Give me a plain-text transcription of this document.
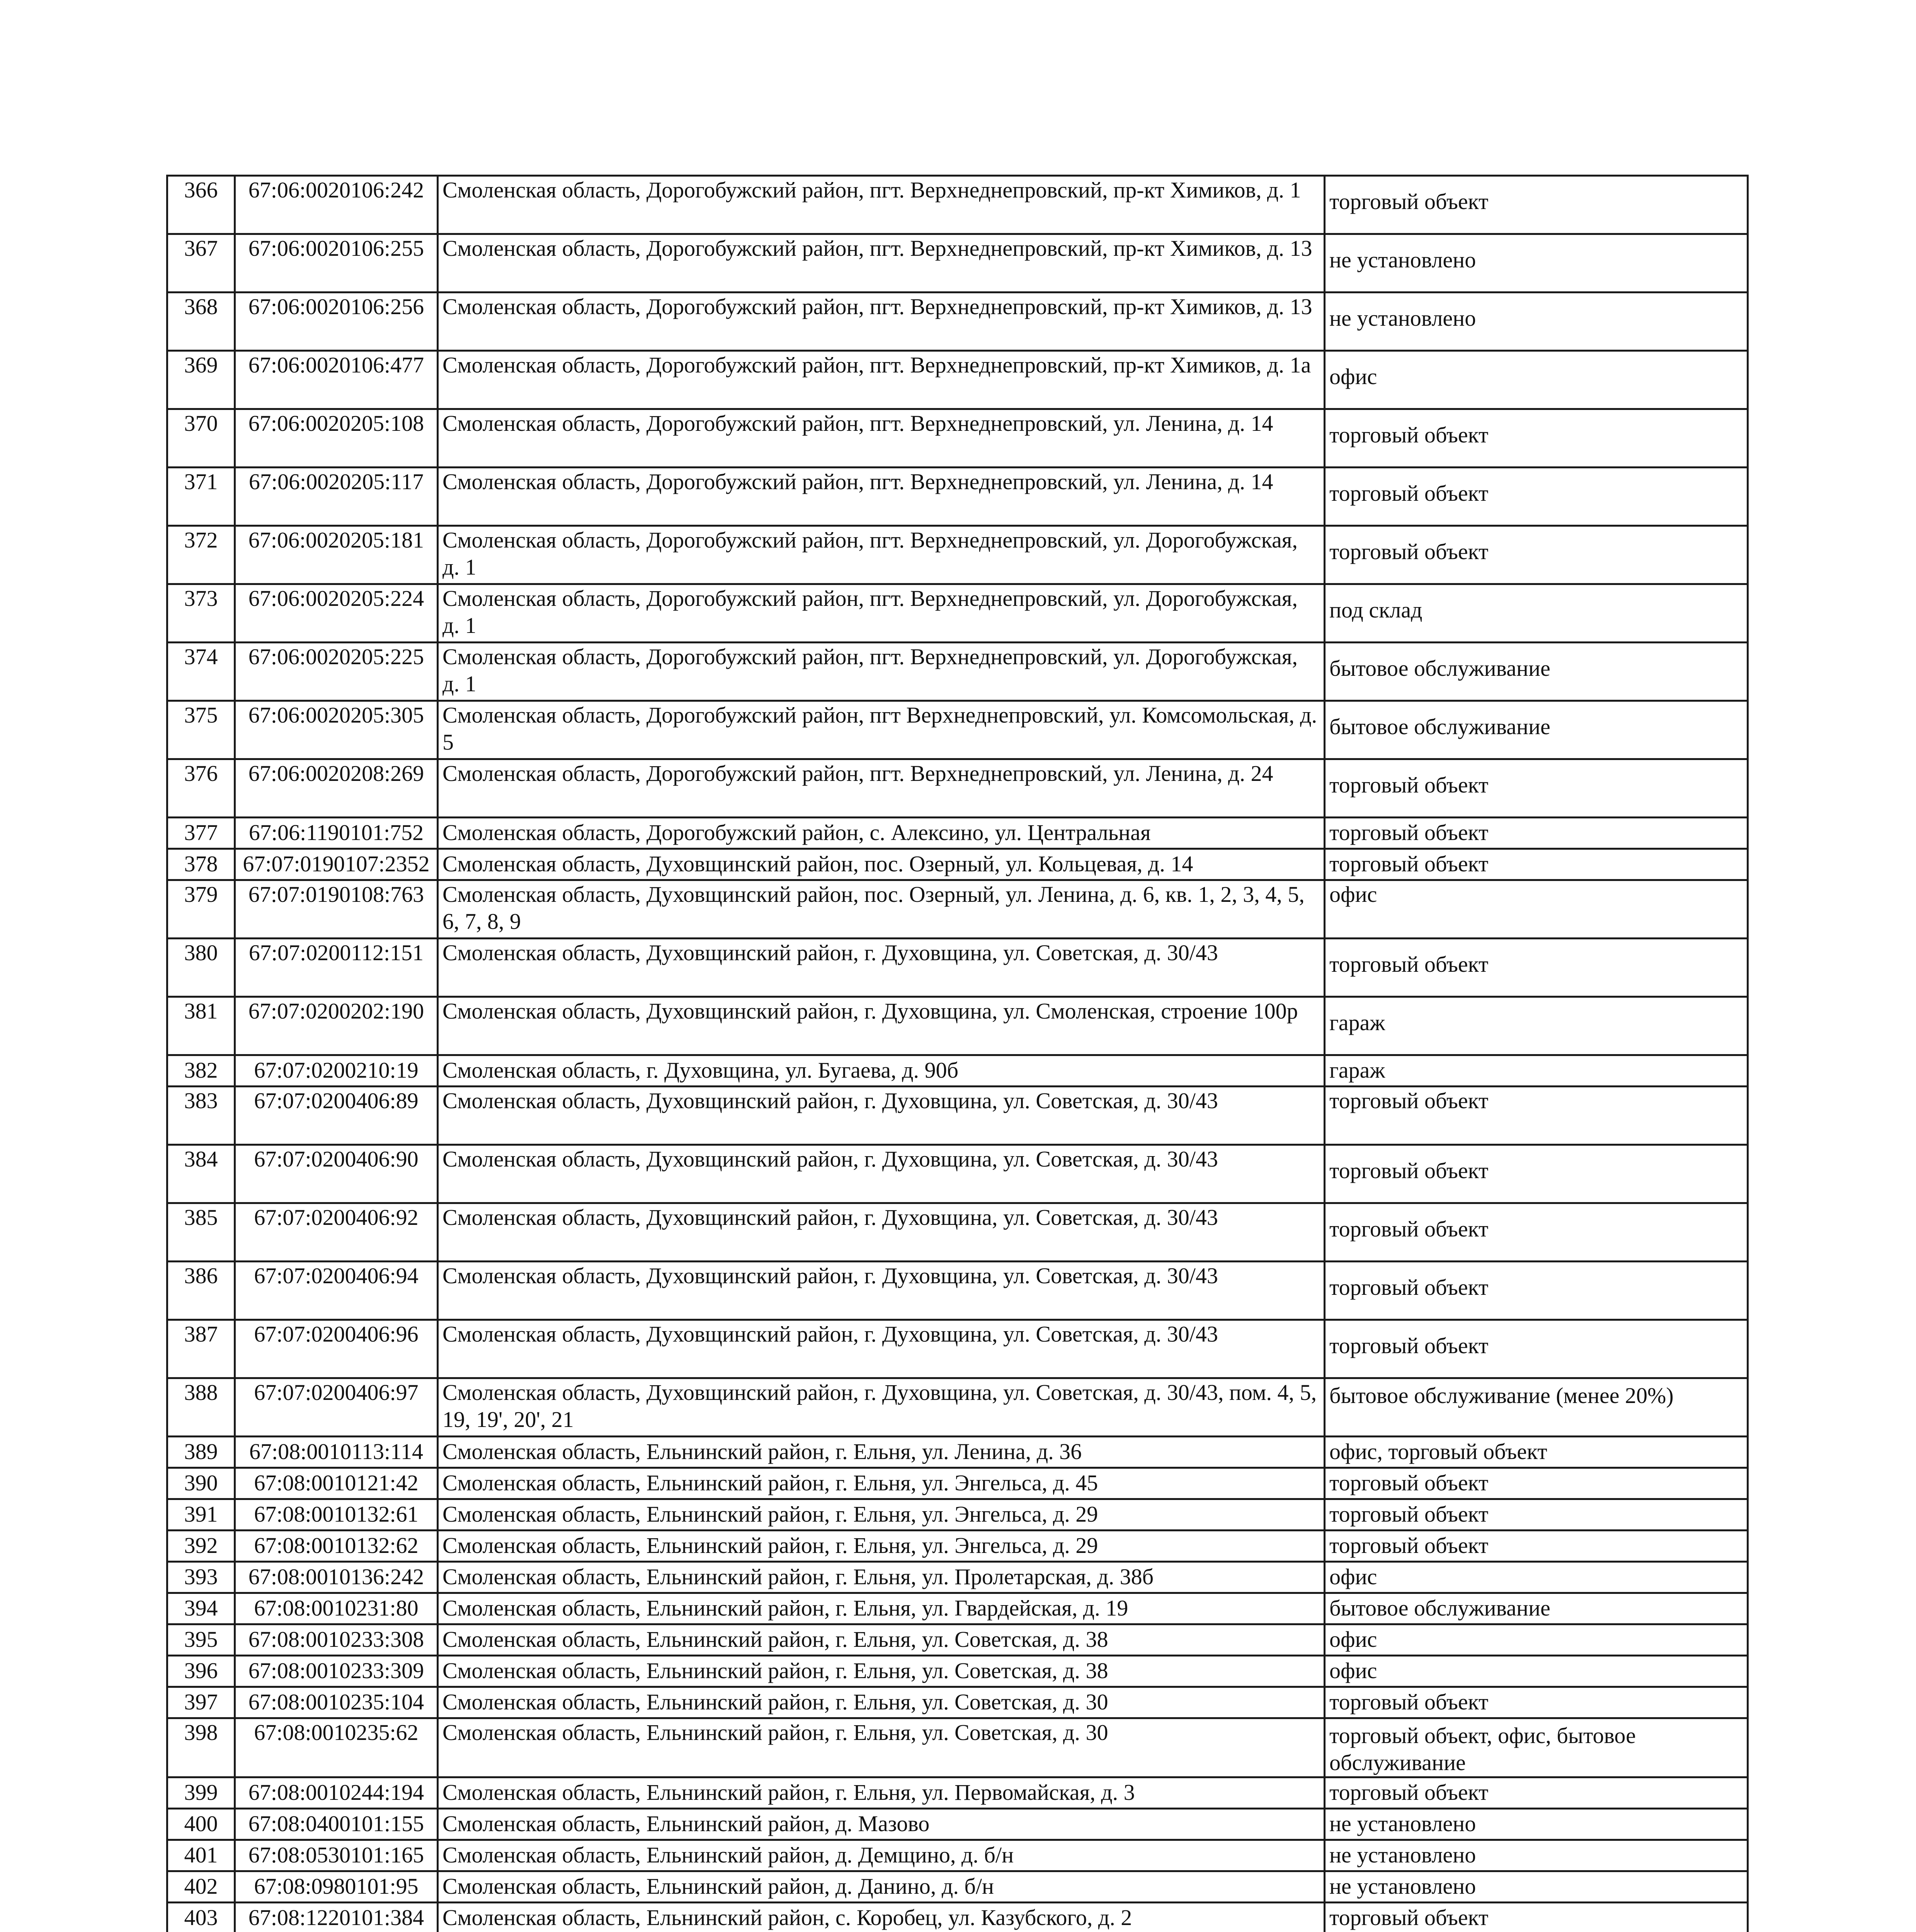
366	67:06:0020106:242	Смоленская область, Дорогобужский район, пгт. Верхнеднепровский, пр-кт Химиков, д. 1	торговый объект
367	67:06:0020106:255	Смоленская область, Дорогобужский район, пгт. Верхнеднепровский, пр-кт Химиков, д. 13	не установлено
368	67:06:0020106:256	Смоленская область, Дорогобужский район, пгт. Верхнеднепровский, пр-кт Химиков, д. 13	не установлено
369	67:06:0020106:477	Смоленская область, Дорогобужский район, пгт. Верхнеднепровский, пр-кт Химиков, д. 1а	офис
370	67:06:0020205:108	Смоленская область, Дорогобужский район, пгт. Верхнеднепровский, ул. Ленина, д. 14	торговый объект
371	67:06:0020205:117	Смоленская область, Дорогобужский район, пгт. Верхнеднепровский, ул. Ленина, д. 14	торговый объект
372	67:06:0020205:181	Смоленская область, Дорогобужский район, пгт. Верхнеднепровский, ул. Дорогобужская, д. 1	торговый объект
373	67:06:0020205:224	Смоленская область, Дорогобужский район, пгт. Верхнеднепровский, ул. Дорогобужская, д. 1	под склад
374	67:06:0020205:225	Смоленская область, Дорогобужский район, пгт. Верхнеднепровский, ул. Дорогобужская, д. 1	бытовое обслуживание
375	67:06:0020205:305	Смоленская область, Дорогобужский район, пгт Верхнеднепровский, ул. Комсомольская, д. 5	бытовое обслуживание
376	67:06:0020208:269	Смоленская область, Дорогобужский район, пгт. Верхнеднепровский, ул. Ленина, д. 24	торговый объект
377	67:06:1190101:752	Смоленская область, Дорогобужский район, с. Алексино, ул. Центральная	торговый объект
378	67:07:0190107:2352	Смоленская область, Духовщинский район, пос. Озерный, ул. Кольцевая, д. 14	торговый объект
379	67:07:0190108:763	Смоленская область, Духовщинский район, пос. Озерный, ул. Ленина, д. 6, кв. 1, 2, 3, 4, 5, 6, 7, 8, 9	офис
380	67:07:0200112:151	Смоленская область, Духовщинский район, г. Духовщина, ул. Советская, д. 30/43	торговый объект
381	67:07:0200202:190	Смоленская область, Духовщинский район, г. Духовщина, ул. Смоленская, строение 100р	гараж
382	67:07:0200210:19	Смоленская область, г. Духовщина, ул. Бугаева, д. 90б	гараж
383	67:07:0200406:89	Смоленская область, Духовщинский район, г. Духовщина, ул. Советская, д. 30/43	торговый объект
384	67:07:0200406:90	Смоленская область, Духовщинский район, г. Духовщина, ул. Советская, д. 30/43	торговый объект
385	67:07:0200406:92	Смоленская область, Духовщинский район, г. Духовщина, ул. Советская, д. 30/43	торговый объект
386	67:07:0200406:94	Смоленская область, Духовщинский район, г. Духовщина, ул. Советская, д. 30/43	торговый объект
387	67:07:0200406:96	Смоленская область, Духовщинский район, г. Духовщина, ул. Советская, д. 30/43	торговый объект
388	67:07:0200406:97	Смоленская область, Духовщинский район, г. Духовщина, ул. Советская, д. 30/43, пом. 4, 5, 19, 19', 20', 21	бытовое обслуживание (менее 20%)
389	67:08:0010113:114	Смоленская область, Ельнинский район, г. Ельня, ул. Ленина, д. 36	офис, торговый объект
390	67:08:0010121:42	Смоленская область, Ельнинский район, г. Ельня, ул. Энгельса, д. 45	торговый объект
391	67:08:0010132:61	Смоленская область, Ельнинский район, г. Ельня, ул. Энгельса, д. 29	торговый объект
392	67:08:0010132:62	Смоленская область, Ельнинский район, г. Ельня, ул. Энгельса, д. 29	торговый объект
393	67:08:0010136:242	Смоленская область, Ельнинский район, г. Ельня, ул. Пролетарская, д. 38б	офис
394	67:08:0010231:80	Смоленская область, Ельнинский район, г. Ельня, ул. Гвардейская, д. 19	бытовое обслуживание
395	67:08:0010233:308	Смоленская область, Ельнинский район, г. Ельня, ул. Советская, д. 38	офис
396	67:08:0010233:309	Смоленская область, Ельнинский район, г. Ельня, ул. Советская, д. 38	офис
397	67:08:0010235:104	Смоленская область, Ельнинский район, г. Ельня, ул. Советская, д. 30	торговый объект
398	67:08:0010235:62	Смоленская область, Ельнинский район, г. Ельня, ул. Советская, д. 30	торговый объект, офис, бытовое обслуживание
399	67:08:0010244:194	Смоленская область, Ельнинский район, г. Ельня, ул. Первомайская, д. 3	торговый объект
400	67:08:0400101:155	Смоленская область, Ельнинский район, д. Мазово	не установлено
401	67:08:0530101:165	Смоленская область, Ельнинский район, д. Демщино, д. б/н	не установлено
402	67:08:0980101:95	Смоленская область, Ельнинский район, д. Данино, д. б/н	не установлено
403	67:08:1220101:384	Смоленская область, Ельнинский район, с. Коробец, ул. Казубского, д. 2	торговый объект
